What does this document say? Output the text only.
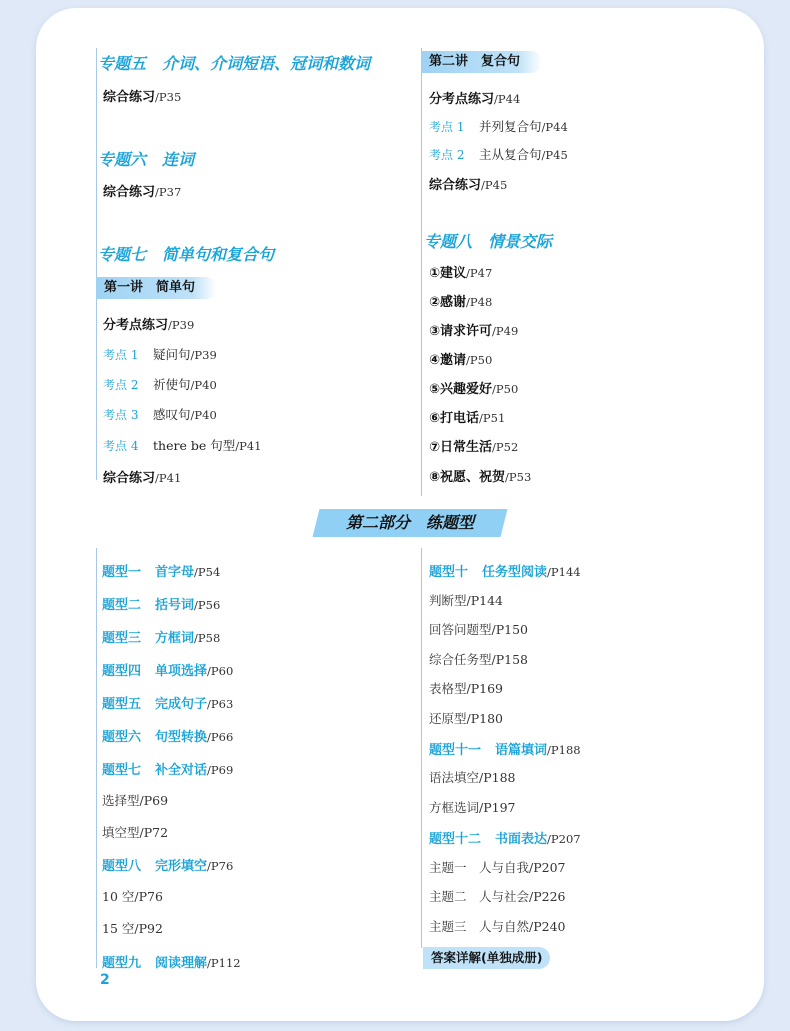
专题五　介词、介词短语、冠词和数词
综合练习/P35
专题六　连词
综合练习/P37
专题七　简单句和复合句
第一讲　简单句
分考点练习/P39
考点 1 疑问句/P39
考点 2 祈使句/P40
考点 3 感叹句/P40
考点 4 there be 句型/P41
综合练习/P41
第二讲　复合句
分考点练习/P44
考点 1 并列复合句/P44
考点 2 主从复合句/P45
综合练习/P45
专题八　情景交际
①建议/P47
②感谢/P48
③请求许可/P49
④邀请/P50
⑤兴趣爱好/P50
⑥打电话/P51
⑦日常生活/P52
⑧祝愿、祝贺/P53
第二部分　练题型
题型一 首字母/P54
题型二 括号词/P56
题型三 方框词/P58
题型四 单项选择/P60
题型五 完成句子/P63
题型六 句型转换/P66
题型七 补全对话/P69
选择型/P69
填空型/P72
题型八 完形填空/P76
10 空/P76
15 空/P92
题型九 阅读理解/P112
题型十 任务型阅读/P144
判断型/P144
回答问题型/P150
综合任务型/P158
表格型/P169
还原型/P180
题型十一 语篇填词/P188
语法填空/P188
方框选词/P197
题型十二 书面表达/P207
主题一　人与自我/P207
主题二　人与社会/P226
主题三　人与自然/P240
答案详解(单独成册)
2
